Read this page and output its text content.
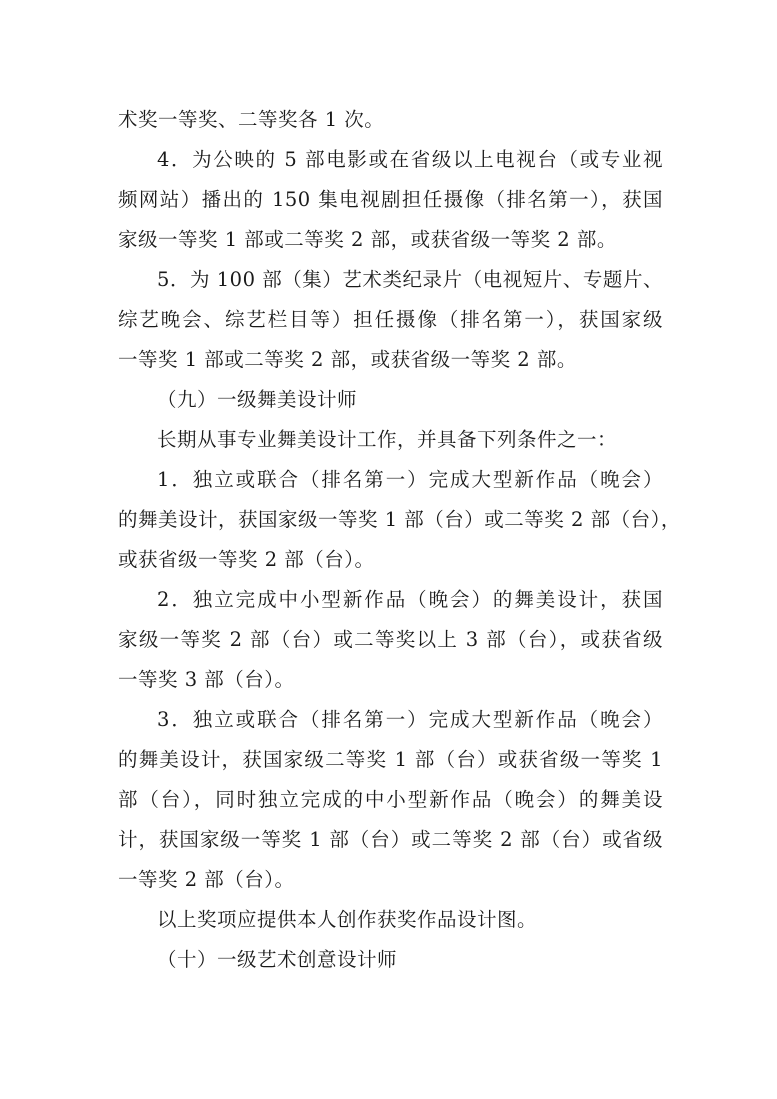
术奖一等奖、二等奖各 1 次。
4．为公映的 5 部电影或在省级以上电视台（或专业视
频网站）播出的 150 集电视剧担任摄像（排名第一），获国
家级一等奖 1 部或二等奖 2 部，或获省级一等奖 2 部。
5．为 100 部（集）艺术类纪录片（电视短片、专题片、
综艺晚会、综艺栏目等）担任摄像（排名第一），获国家级
一等奖 1 部或二等奖 2 部，或获省级一等奖 2 部。
（九）一级舞美设计师
长期从事专业舞美设计工作，并具备下列条件之一：
1．独立或联合（排名第一）完成大型新作品（晚会）
的舞美设计，获国家级一等奖 1 部（台）或二等奖 2 部（台），
或获省级一等奖 2 部（台）。
2．独立完成中小型新作品（晚会）的舞美设计，获国
家级一等奖 2 部（台）或二等奖以上 3 部（台），或获省级
一等奖 3 部（台）。
3．独立或联合（排名第一）完成大型新作品（晚会）
的舞美设计，获国家级二等奖 1 部（台）或获省级一等奖 1
部（台），同时独立完成的中小型新作品（晚会）的舞美设
计，获国家级一等奖 1 部（台）或二等奖 2 部（台）或省级
一等奖 2 部（台）。
以上奖项应提供本人创作获奖作品设计图。
（十）一级艺术创意设计师
